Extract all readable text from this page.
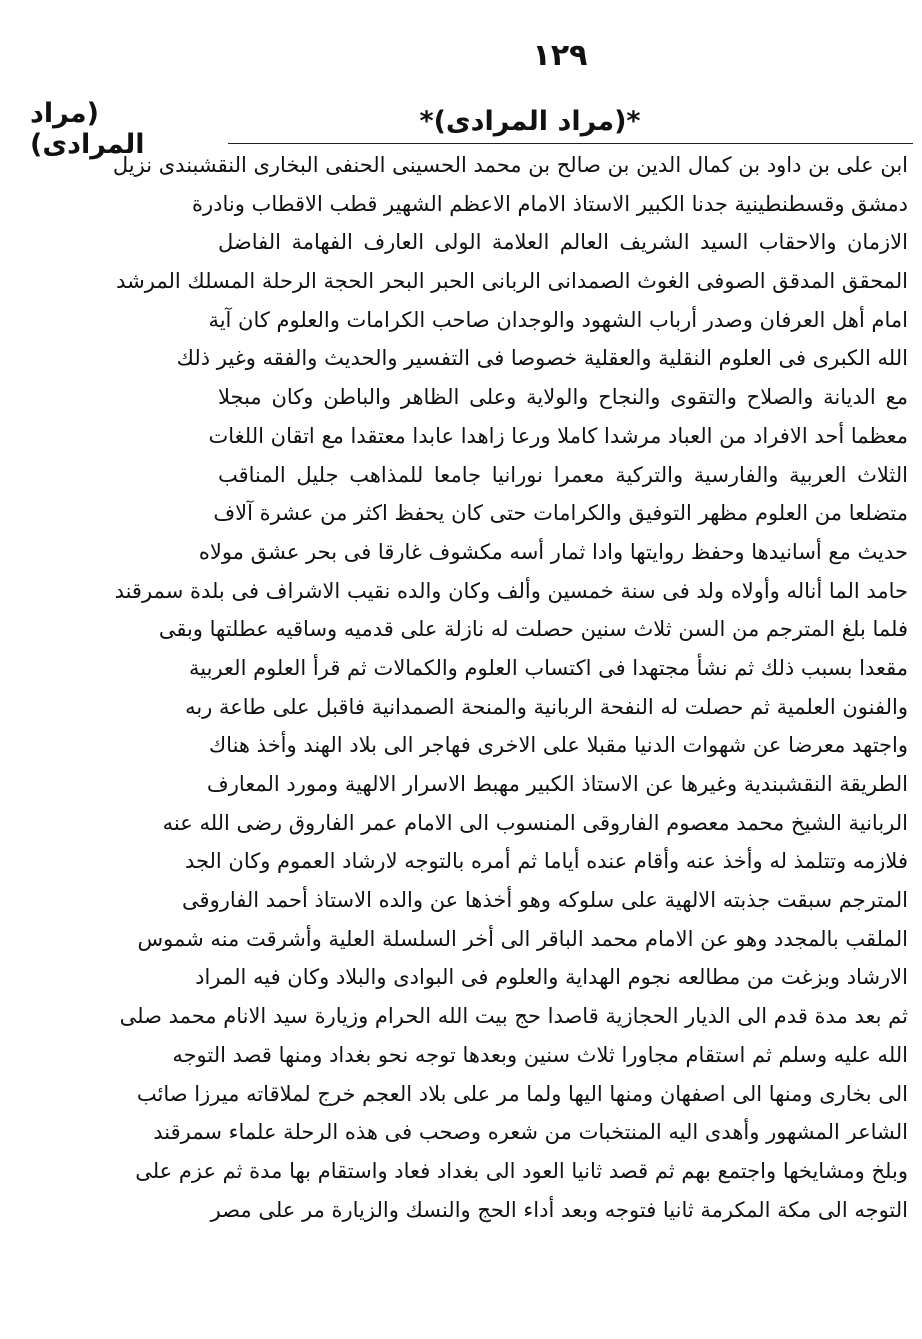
١٢٩
(مراد المرادى)
*(مراد المرادى)*
ابن على بن داود بن كمال الدين بن صالح بن محمد الحسينى الحنفى البخارى النقشبندى نزيل
دمشق وقسطنطينية جدنا الكبير الاستاذ الامام الاعظم الشهير قطب الاقطاب ونادرة
الازمان والاحقاب السيد الشريف العالم العلامة الولى العارف الفهامة الفاضل
المحقق المدقق الصوفى الغوث الصمدانى الربانى الحبر البحر الحجة الرحلة المسلك المرشد
امام أهل العرفان وصدر أرباب الشهود والوجدان صاحب الكرامات والعلوم كان آية
الله الكبرى فى العلوم النقلية والعقلية خصوصا فى التفسير والحديث والفقه وغير ذلك
مع الديانة والصلاح والتقوى والنجاح والولاية وعلى الظاهر والباطن وكان مبجلا
معظما أحد الافراد من العباد مرشدا كاملا ورعا زاهدا عابدا معتقدا مع اتقان اللغات
الثلاث العربية والفارسية والتركية معمرا نورانيا جامعا للمذاهب جليل المناقب
متضلعا من العلوم مظهر التوفيق والكرامات حتى كان يحفظ اكثر من عشرة آلاف
حديث مع أسانيدها وحفظ روايتها وادا ثمار أسه مكشوف غارقا فى بحر عشق مولاه
حامد الما أناله وأولاه ولد فى سنة خمسين وألف وكان والده نقيب الاشراف فى بلدة سمرقند
فلما بلغ المترجم من السن ثلاث سنين حصلت له نازلة على قدميه وساقيه عطلتها وبقى
مقعدا بسبب ذلك ثم نشأ مجتهدا فى اكتساب العلوم والكمالات ثم قرأ العلوم العربية
والفنون العلمية ثم حصلت له النفحة الربانية والمنحة الصمدانية فاقبل على طاعة ربه
واجتهد معرضا عن شهوات الدنيا مقبلا على الاخرى فهاجر الى بلاد الهند وأخذ هناك
الطريقة النقشبندية وغيرها عن الاستاذ الكبير مهبط الاسرار الالهية ومورد المعارف
الربانية الشيخ محمد معصوم الفاروقى المنسوب الى الامام عمر الفاروق رضى الله عنه
فلازمه وتتلمذ له وأخذ عنه وأقام عنده أياما ثم أمره بالتوجه لارشاد العموم وكان الجد
المترجم سبقت جذبته الالهية على سلوكه وهو أخذها عن والده الاستاذ أحمد الفاروقى
الملقب بالمجدد وهو عن الامام محمد الباقر الى أخر السلسلة العلية وأشرقت منه شموس
الارشاد وبزغت من مطالعه نجوم الهداية والعلوم فى البوادى والبلاد وكان فيه المراد
ثم بعد مدة قدم الى الديار الحجازية قاصدا حج بيت الله الحرام وزيارة سيد الانام محمد صلى
الله عليه وسلم ثم استقام مجاورا ثلاث سنين وبعدها توجه نحو بغداد ومنها قصد التوجه
الى بخارى ومنها الى اصفهان ومنها اليها ولما مر على بلاد العجم خرج لملاقاته ميرزا صائب
الشاعر المشهور وأهدى اليه المنتخبات من شعره وصحب فى هذه الرحلة علماء سمرقند
وبلخ ومشايخها واجتمع بهم ثم قصد ثانيا العود الى بغداد فعاد واستقام بها مدة ثم عزم على
التوجه الى مكة المكرمة ثانيا فتوجه وبعد أداء الحج والنسك والزيارة مر على مصر
